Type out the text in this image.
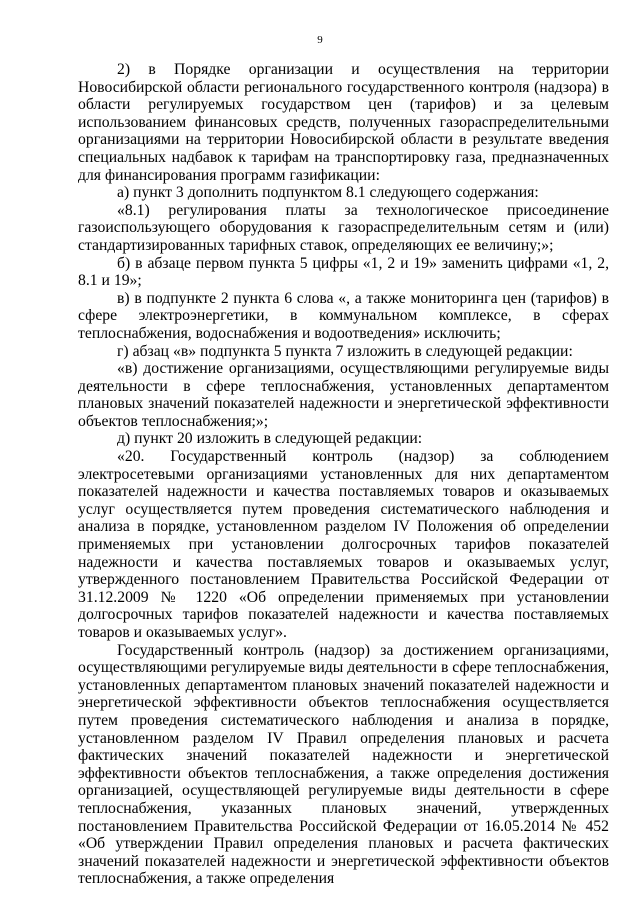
9

2) в Порядке организации и осуществления на территории Новосибирской области регионального государственного контроля (надзора) в области регулируемых государством цен (тарифов) и за целевым использованием финансовых средств, полученных газораспределительными организациями на территории Новосибирской области в результате введения специальных надбавок к тарифам на транспортировку газа, предназначенных для финансирования программ газификации:

а) пункт 3 дополнить подпунктом 8.1 следующего содержания:

«8.1) регулирования платы за технологическое присоединение газоиспользующего оборудования к газораспределительным сетям и (или) стандартизированных тарифных ставок, определяющих ее величину;»;

б) в абзаце первом пункта 5 цифры «1, 2 и 19» заменить цифрами «1, 2, 8.1 и 19»;

в) в подпункте 2 пункта 6 слова «, а также мониторинга цен (тарифов) в сфере электроэнергетики, в коммунальном комплексе, в сферах теплоснабжения, водоснабжения и водоотведения» исключить;

г) абзац «в» подпункта 5 пункта 7 изложить в следующей редакции:

«в) достижение организациями, осуществляющими регулируемые виды деятельности в сфере теплоснабжения, установленных департаментом плановых значений показателей надежности и энергетической эффективности объектов теплоснабжения;»;

д) пункт 20 изложить в следующей редакции:

«20. Государственный контроль (надзор) за соблюдением электросетевыми организациями установленных для них департаментом показателей надежности и качества поставляемых товаров и оказываемых услуг осуществляется путем проведения систематического наблюдения и анализа в порядке, установленном разделом IV Положения об определении применяемых при установлении долгосрочных тарифов показателей надежности и качества поставляемых товаров и оказываемых услуг, утвержденного постановлением Правительства Российской Федерации от 31.12.2009 № 1220 «Об определении применяемых при установлении долгосрочных тарифов показателей надежности и качества поставляемых товаров и оказываемых услуг».

Государственный контроль (надзор) за достижением организациями, осуществляющими регулируемые виды деятельности в сфере теплоснабжения, установленных департаментом плановых значений показателей надежности и энергетической эффективности объектов теплоснабжения осуществляется путем проведения систематического наблюдения и анализа в порядке, установленном разделом IV Правил определения плановых и расчета фактических значений показателей надежности и энергетической эффективности объектов теплоснабжения, а также определения достижения организацией, осуществляющей регулируемые виды деятельности в сфере теплоснабжения, указанных плановых значений, утвержденных постановлением Правительства Российской Федерации от 16.05.2014 № 452 «Об утверждении Правил определения плановых и расчета фактических значений показателей надежности и энергетической эффективности объектов теплоснабжения, а также определения
